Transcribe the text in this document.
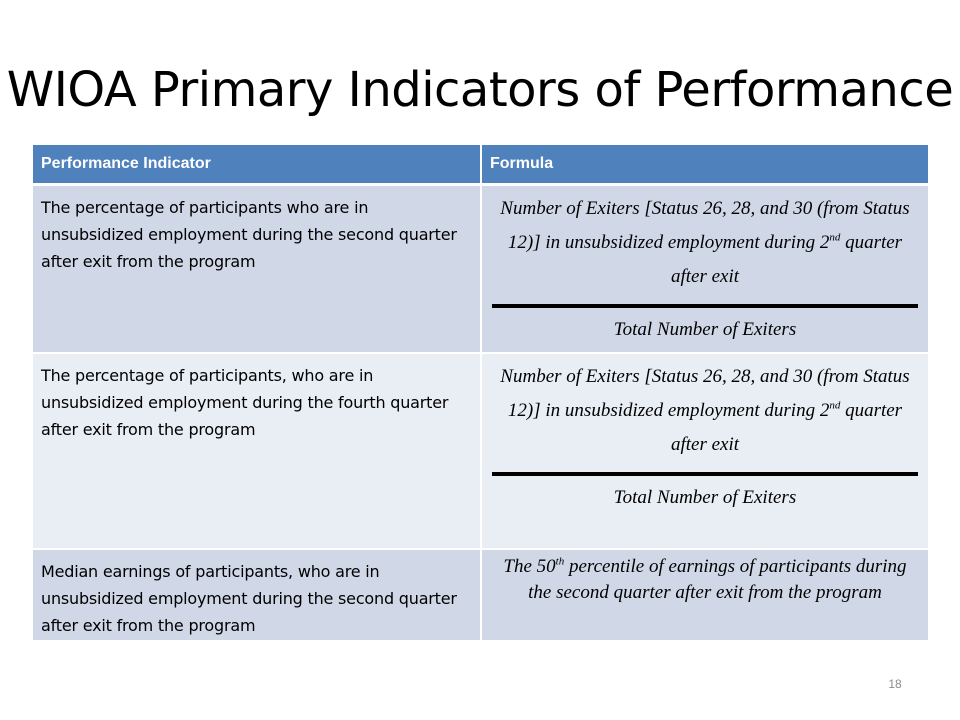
WIOA Primary Indicators of Performance
Performance Indicator	Formula

The percentage of participants who are in unsubsidized employment during the second quarter after exit from the program	Number of Exiters [Status 26, 28, and 30 (from Status 12)] in unsubsidized employment during 2nd quarter after exit
Total Number of Exiters

The percentage of participants, who are in unsubsidized employment during the fourth quarter after exit from the program	Number of Exiters [Status 26, 28, and 30 (from Status 12)] in unsubsidized employment during 2nd quarter after exit
Total Number of Exiters

Median earnings of participants, who are in unsubsidized employment during the second quarter after exit from the program	The 50th percentile of earnings of participants during the second quarter after exit from the program
18
